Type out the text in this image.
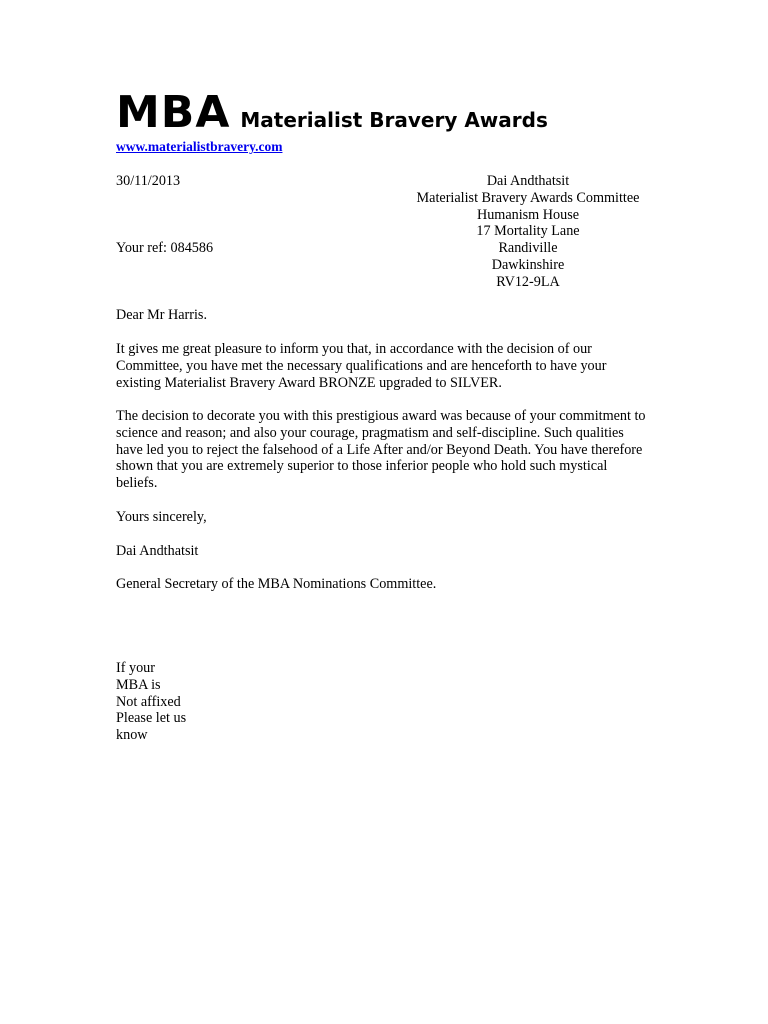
MBA Materialist Bravery Awards
www.materialistbravery.com
30/11/2013
Your ref: 084586
Dai Andthatsit
Materialist Bravery Awards Committee
Humanism House
17 Mortality Lane
Randiville
Dawkinshire
RV12-9LA
Dear Mr Harris.
It gives me great pleasure to inform you that, in accordance with the decision of our Committee, you have met the necessary qualifications and are henceforth to have your existing Materialist Bravery Award BRONZE upgraded to SILVER.
The decision to decorate you with this prestigious award was because of your commitment to science and reason; and also your courage, pragmatism and self-discipline. Such qualities have led you to reject the falsehood of a Life After and/or Beyond Death. You have therefore shown that you are extremely superior to those inferior people who hold such mystical beliefs.
Yours sincerely,
Dai Andthatsit
General Secretary of the MBA Nominations Committee.
If your
MBA is
Not affixed
Please let us
know
